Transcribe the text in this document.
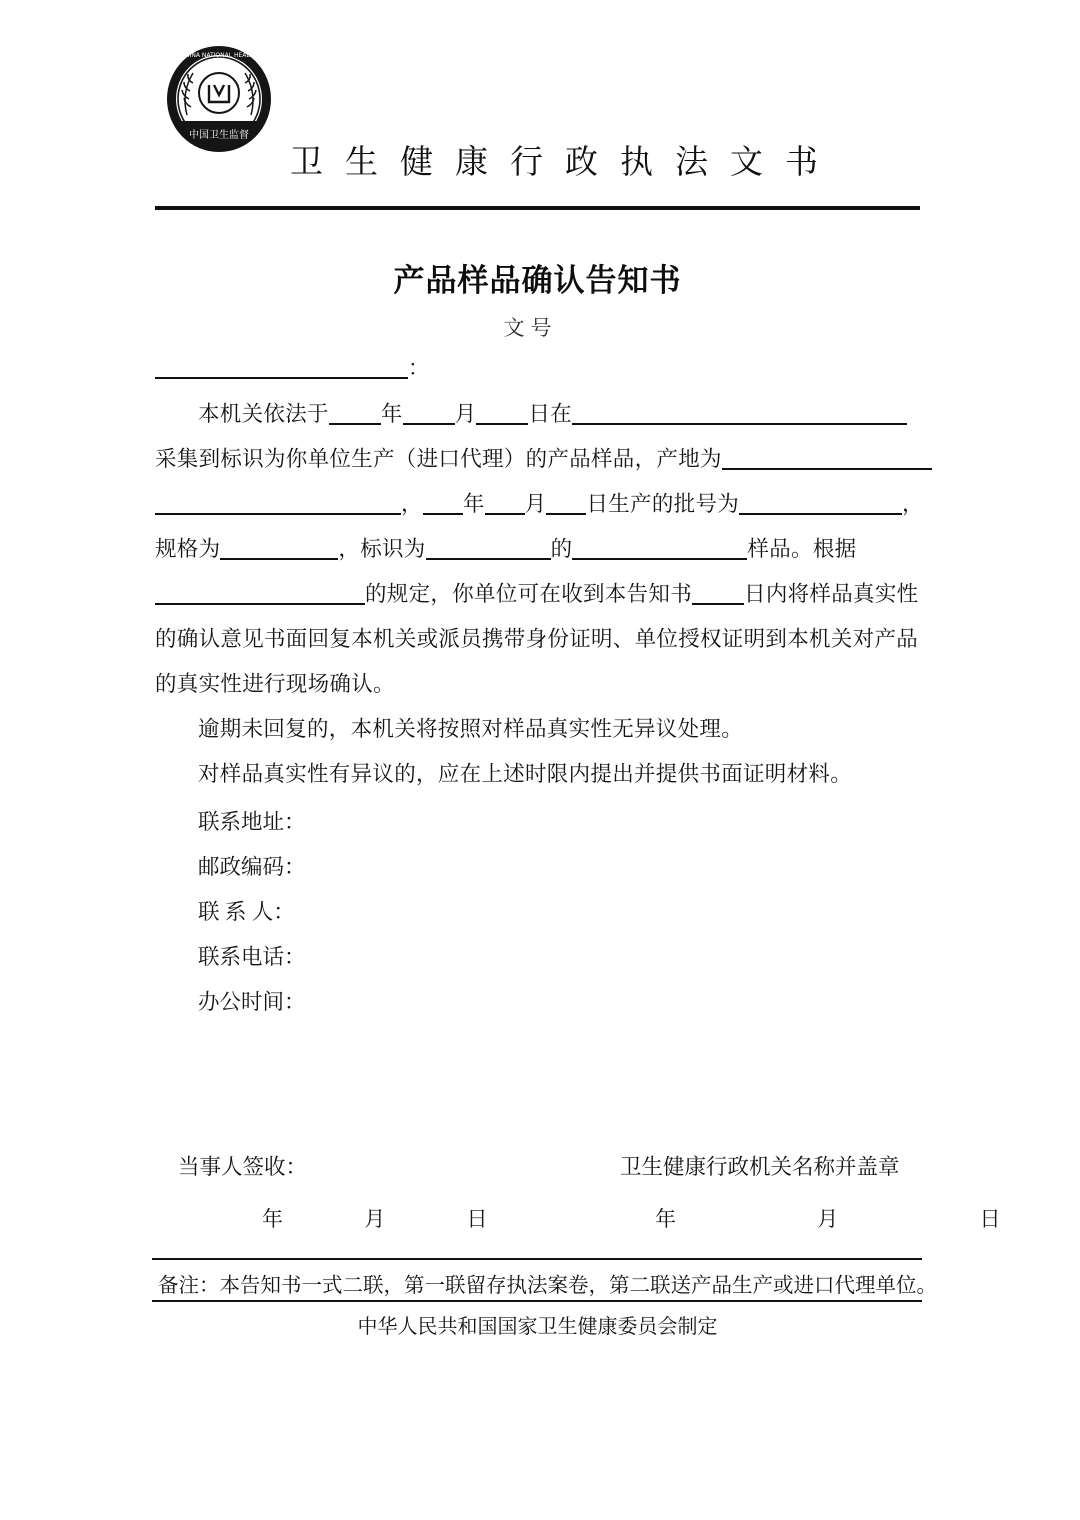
CHINA NATIONAL HEALTH
中国卫生监督
卫生健康行政执法文书
产品样品确认告知书
文号
：

本机关依法于 年 月 日在

采集到标识为你单位生产（进口代理）的产品样品，产地为

， 年 月 日生产的批号为	，

规格为	，标识为	的	样品。根据

的规定，你单位可在收到本告知书 日内将样品真实性

的确认意见书面回复本机关或派员携带身份证明、单位授权证明到本机关对产品

的真实性进行现场确认。

逾期未回复的，本机关将按照对样品真实性无异议处理。

对样品真实性有异议的，应在上述时限内提出并提供书面证明材料。

联系地址：
邮政编码：
联 系 人：
联系电话：
办公时间：
当事人签收：	卫生健康行政机关名称并盖章
年 月 日	年 月 日
备注：本告知书一式二联，第一联留存执法案卷，第二联送产品生产或进口代理单位。
中华人民共和国国家卫生健康委员会制定
